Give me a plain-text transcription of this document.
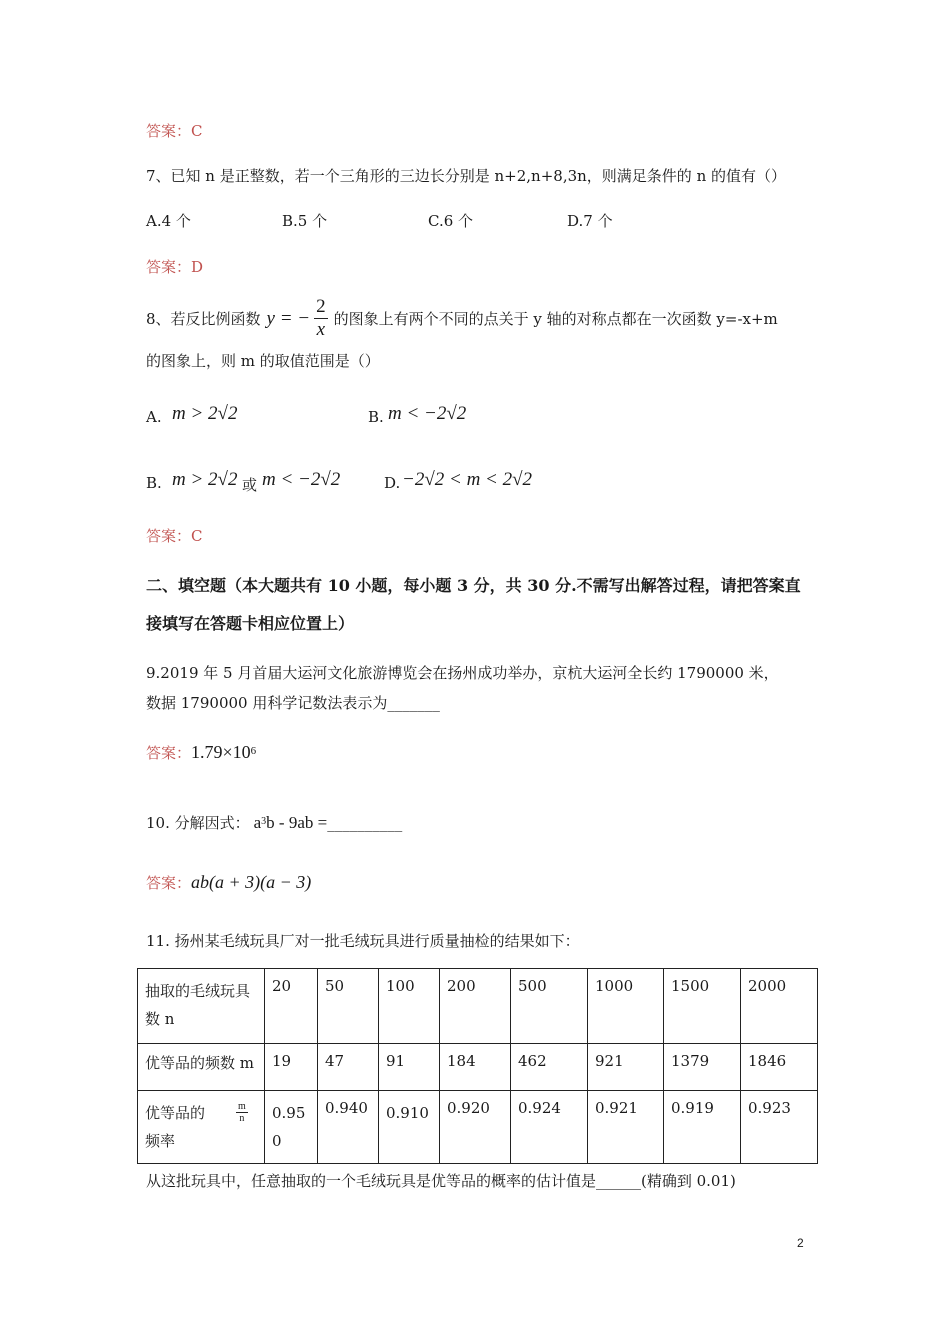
答案：C
7、已知 n 是正整数，若一个三角形的三边长分别是 n+2,n+8,3n，则满足条件的 n 的值有（）
A.4 个	B.5 个	C.6 个	D.7 个
答案：D
8、若反比例函数 y = − $\frac{2}{x}$ 的图象上有两个不同的点关于 y 轴的对称点都在一次函数 y=-x+m
的图象上，则 m 的取值范围是（）
A. m > 2√2	B. m < −2√2
B. m > 2√2 或 m < −2√2	D. −2√2 < m < 2√2
答案：C
二、填空题（本大题共有 10 小题，每小题 3 分，共 30 分.不需写出解答过程，请把答案直
接填写在答题卡相应位置上）
9.2019 年 5 月首届大运河文化旅游博览会在扬州成功举办，京杭大运河全长约 1790000 米，
数据 1790000 用科学记数法表示为_______
答案： $1.79\times 10^6$
10. 分解因式： $a^3$ b - 9ab = __________
答案： ab(a + 3)(a − 3)
11. 扬州某毛绒玩具厂对一批毛绒玩具进行质量抽检的结果如下：
抽取的毛绒玩具数 n	20	50	100	200	500	1000	1500	2000
优等品的频数 m	19	47	91	184	462	921	1379	1846
优等品的
频率
$\frac{m}{n}$	0.950	0.940	0.910	0.920	0.924	0.921	0.919	0.923
从这批玩具中，任意抽取的一个毛绒玩具是优等品的概率的估计值是______(精确到 0.01)
2
